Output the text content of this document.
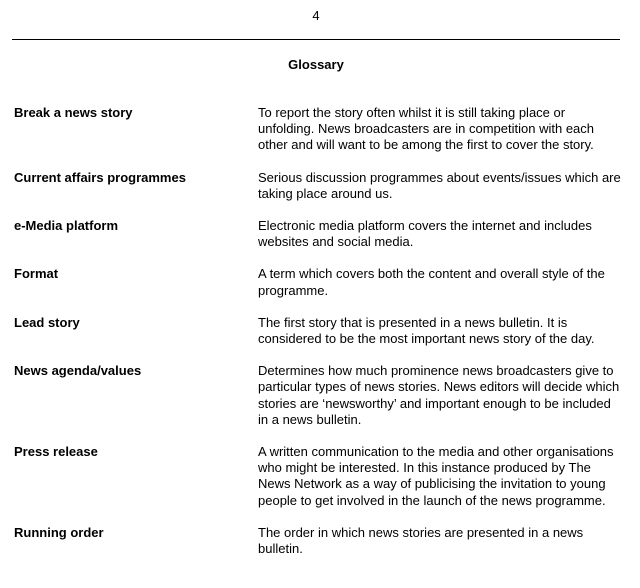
4
Glossary
Break a news story	To report the story often whilst it is still taking place or unfolding. News broadcasters are in competition with each other and will want to be among the first to cover the story.
Current affairs programmes	Serious discussion programmes about events/issues which are taking place around us.
e-Media platform	Electronic media platform covers the internet and includes websites and social media.
Format	A term which covers both the content and overall style of the programme.
Lead story	The first story that is presented in a news bulletin. It is considered to be the most important news story of the day.
News agenda/values	Determines how much prominence news broadcasters give to particular types of news stories. News editors will decide which stories are ‘newsworthy’ and important enough to be included in a news bulletin.
Press release	A written communication to the media and other organisations who might be interested. In this instance produced by The News Network as a way of publicising the invitation to young people to get involved in the launch of the news programme.
Running order	The order in which news stories are presented in a news bulletin.
